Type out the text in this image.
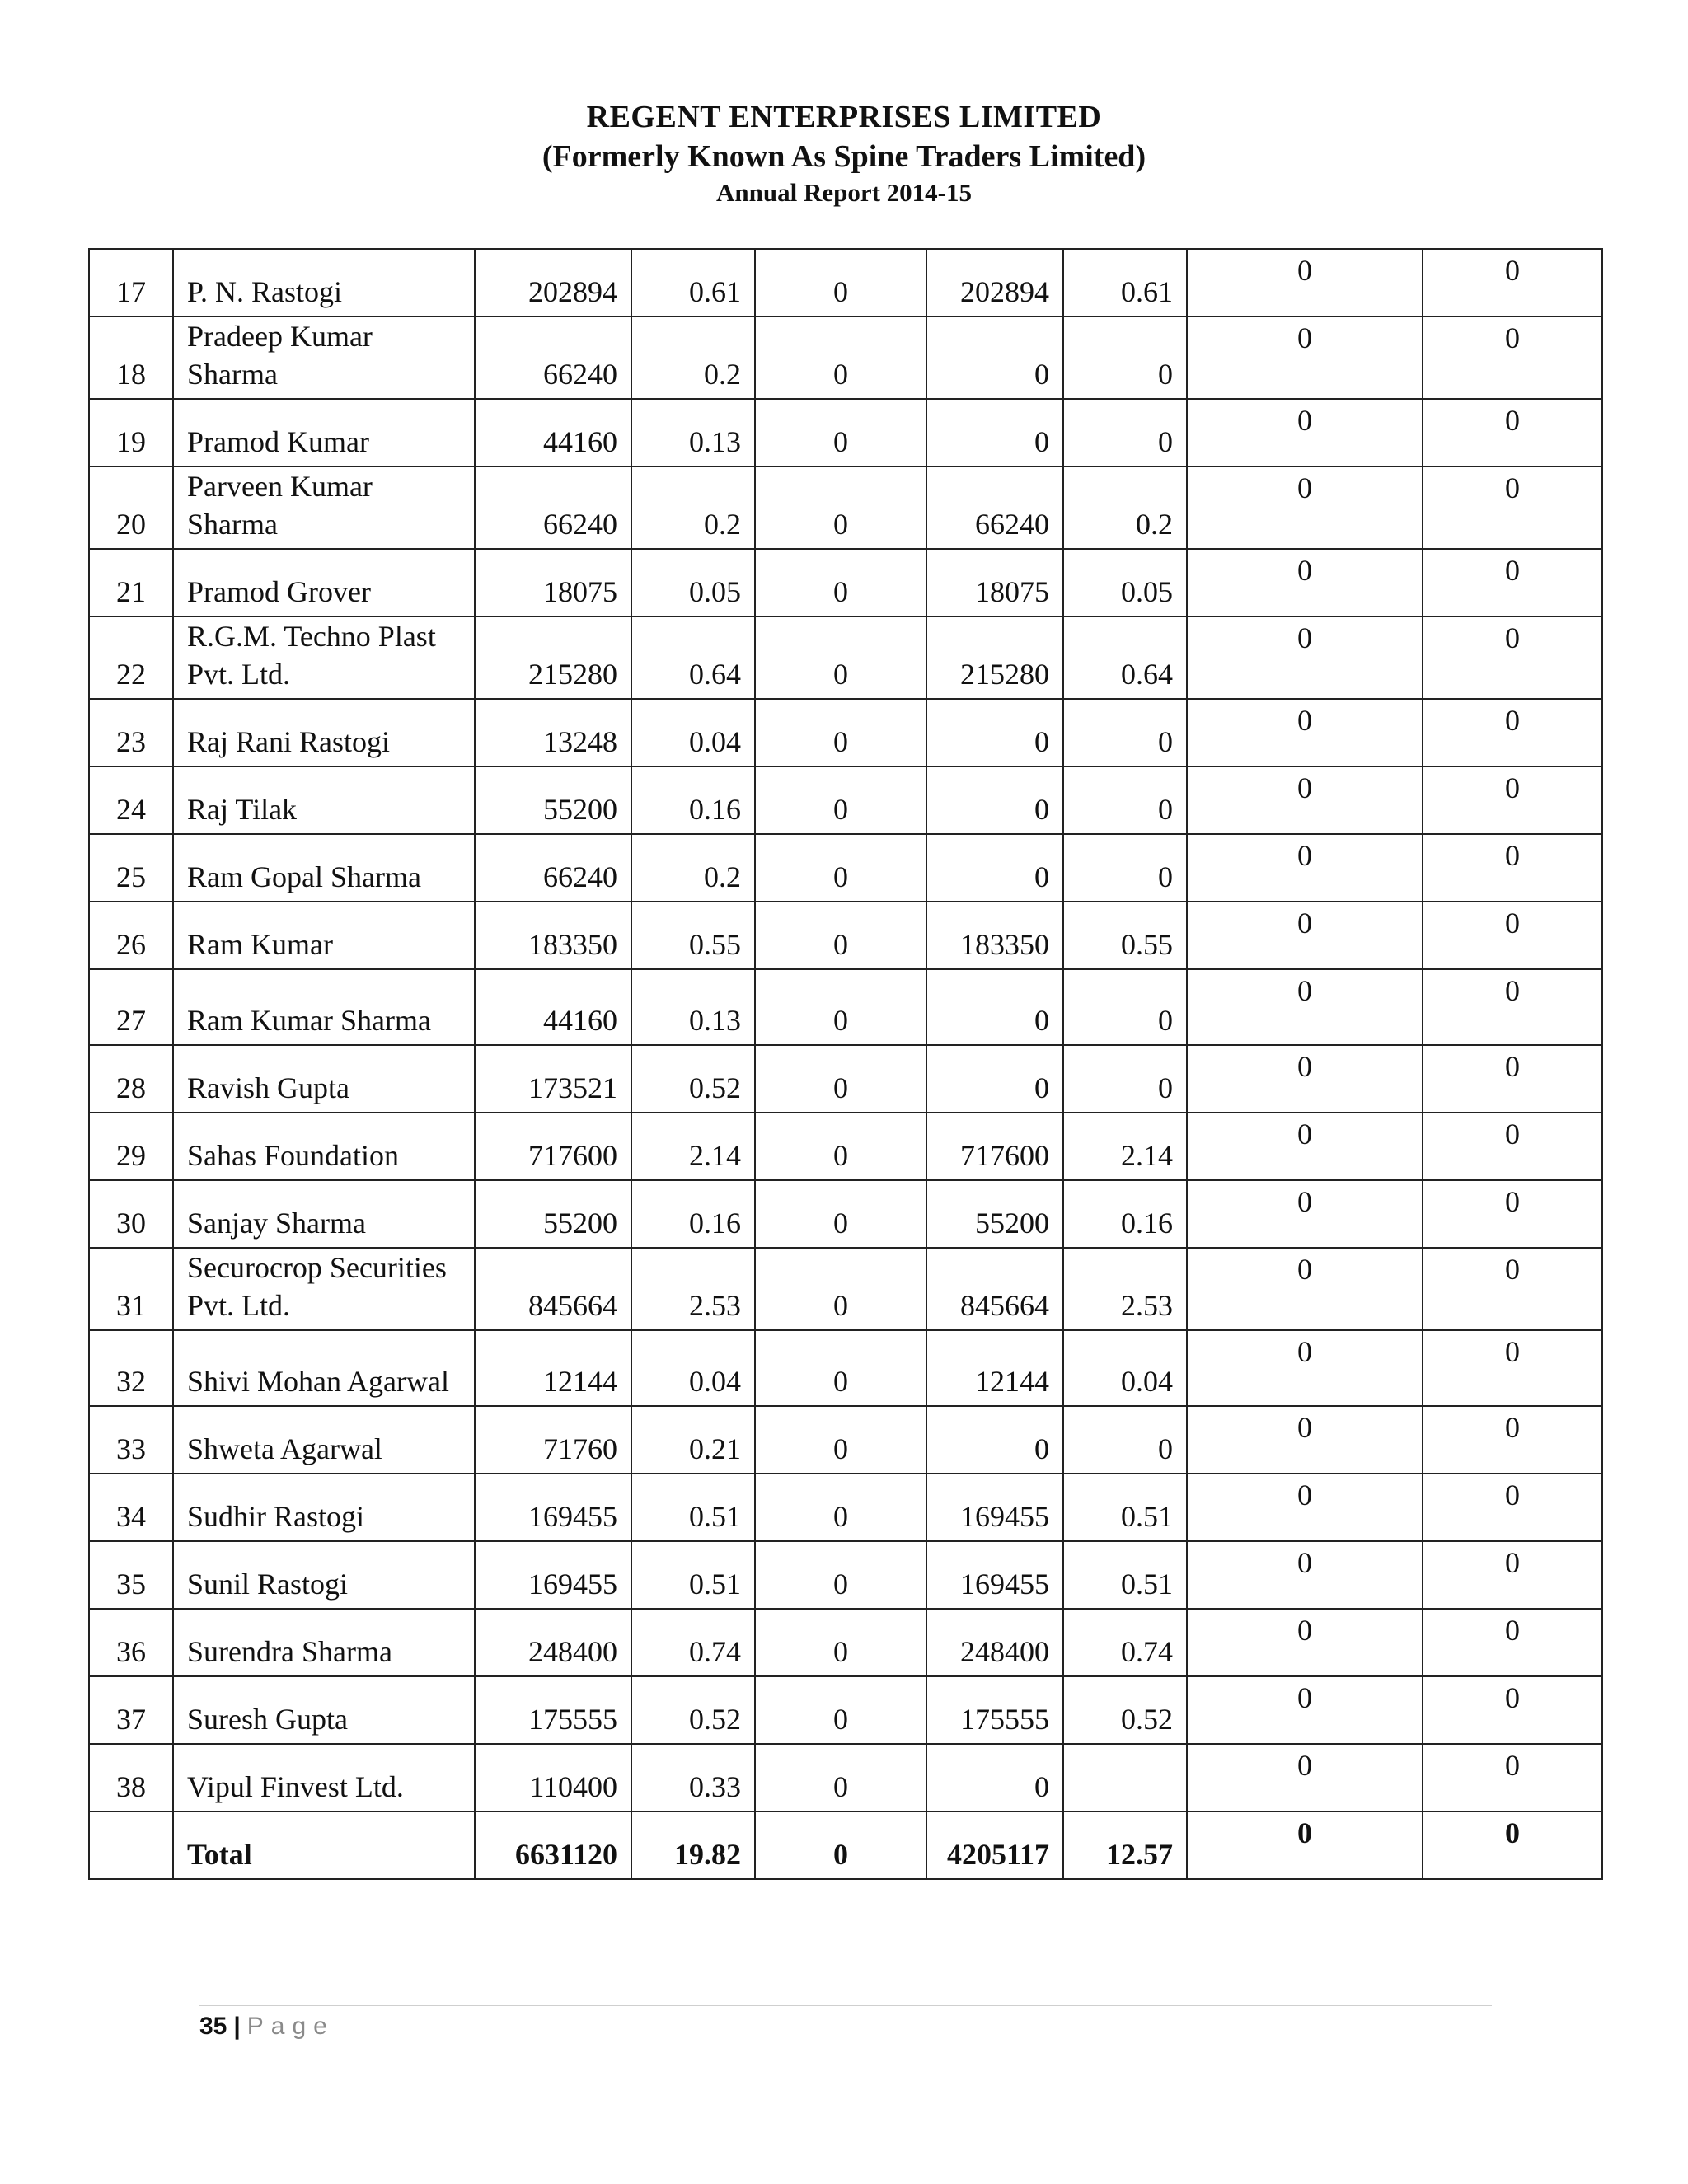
REGENT ENTERPRISES LIMITED
(Formerly Known As Spine Traders Limited)
Annual Report 2014-15
17	P. N. Rastogi	202894	0.61	0	202894	0.61	0	0
18	Pradeep Kumar Sharma	66240	0.2	0	0	0	0	0
19	Pramod Kumar	44160	0.13	0	0	0	0	0
20	Parveen Kumar Sharma	66240	0.2	0	66240	0.2	0	0
21	Pramod Grover	18075	0.05	0	18075	0.05	0	0
22	R.G.M. Techno Plast Pvt. Ltd.	215280	0.64	0	215280	0.64	0	0
23	Raj Rani Rastogi	13248	0.04	0	0	0	0	0
24	Raj Tilak	55200	0.16	0	0	0	0	0
25	Ram Gopal Sharma	66240	0.2	0	0	0	0	0
26	Ram Kumar	183350	0.55	0	183350	0.55	0	0
27	Ram Kumar Sharma	44160	0.13	0	0	0	0	0
28	Ravish Gupta	173521	0.52	0	0	0	0	0
29	Sahas Foundation	717600	2.14	0	717600	2.14	0	0
30	Sanjay Sharma	55200	0.16	0	55200	0.16	0	0
31	Securocrop Securities Pvt. Ltd.	845664	2.53	0	845664	2.53	0	0
32	Shivi Mohan Agarwal	12144	0.04	0	12144	0.04	0	0
33	Shweta Agarwal	71760	0.21	0	0	0	0	0
34	Sudhir Rastogi	169455	0.51	0	169455	0.51	0	0
35	Sunil Rastogi	169455	0.51	0	169455	0.51	0	0
36	Surendra Sharma	248400	0.74	0	248400	0.74	0	0
37	Suresh Gupta	175555	0.52	0	175555	0.52	0	0
38	Vipul Finvest Ltd.	110400	0.33	0	0		0	0
	Total	6631120	19.82	0	4205117	12.57	0	0
35 | Page
